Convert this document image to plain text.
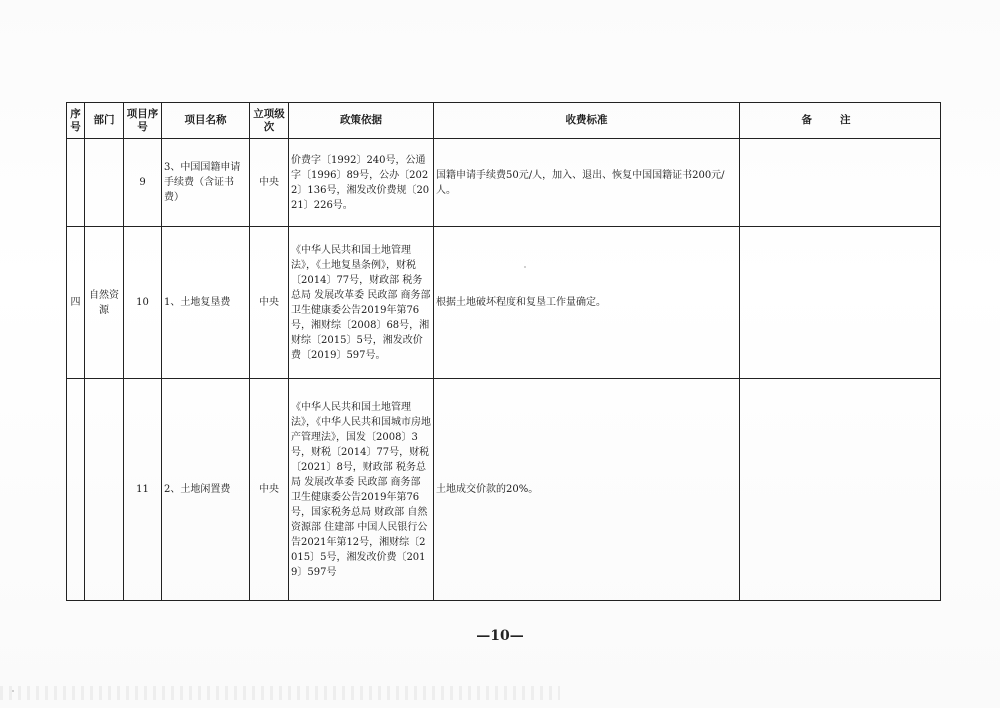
序号	部门	项目序号	项目名称	立项级次	政策依据	收费标准	备注
		9	3、中国国籍申请手续费（含证书费）	中央	价费字〔1992〕240号，公通字〔1996〕89号，公办〔2022〕136号，湘发改价费规〔2021〕226号。	国籍申请手续费50元/人，加入、退出、恢复中国国籍证书200元/人。	
四	自然资源	10	1、土地复垦费	中央	《中华人民共和国土地管理法》，《土地复垦条例》，财税〔2014〕77号，财政部 税务总局 发展改革委 民政部 商务部 卫生健康委公告2019年第76号，湘财综〔2008〕68号，湘财综〔2015〕5号，湘发改价费〔2019〕597号。	根据土地破坏程度和复垦工作量确定。	
		11	2、土地闲置费	中央	《中华人民共和国土地管理法》，《中华人民共和国城市房地产管理法》，国发〔2008〕3号，财税〔2014〕77号，财税〔2021〕8号，财政部 税务总局 发展改革委 民政部 商务部 卫生健康委公告2019年第76号，国家税务总局 财政部 自然资源部 住建部 中国人民银行公告2021年第12号，湘财综〔2015〕5号，湘发改价费〔2019〕597号	土地成交价款的20%。	
—10—
